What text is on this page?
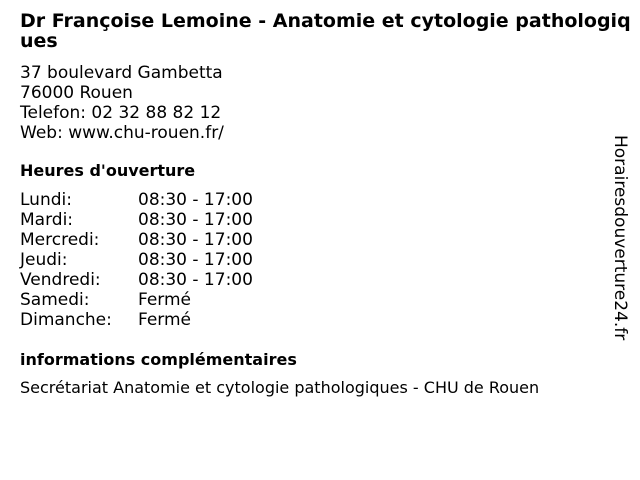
Dr Françoise Lemoine - Anatomie et cytologie pathologiques
37 boulevard Gambetta
76000 Rouen
Telefon: 02 32 88 82 12
Web: www.chu-rouen.fr/
Heures d'ouverture
Lundi:	08:30 - 17:00
Mardi:	08:30 - 17:00
Mercredi:	08:30 - 17:00
Jeudi:	08:30 - 17:00
Vendredi:	08:30 - 17:00
Samedi:	Fermé
Dimanche:	Fermé
informations complémentaires
Secrétariat Anatomie et cytologie pathologiques - CHU de Rouen
Horairesdouverture24.fr
